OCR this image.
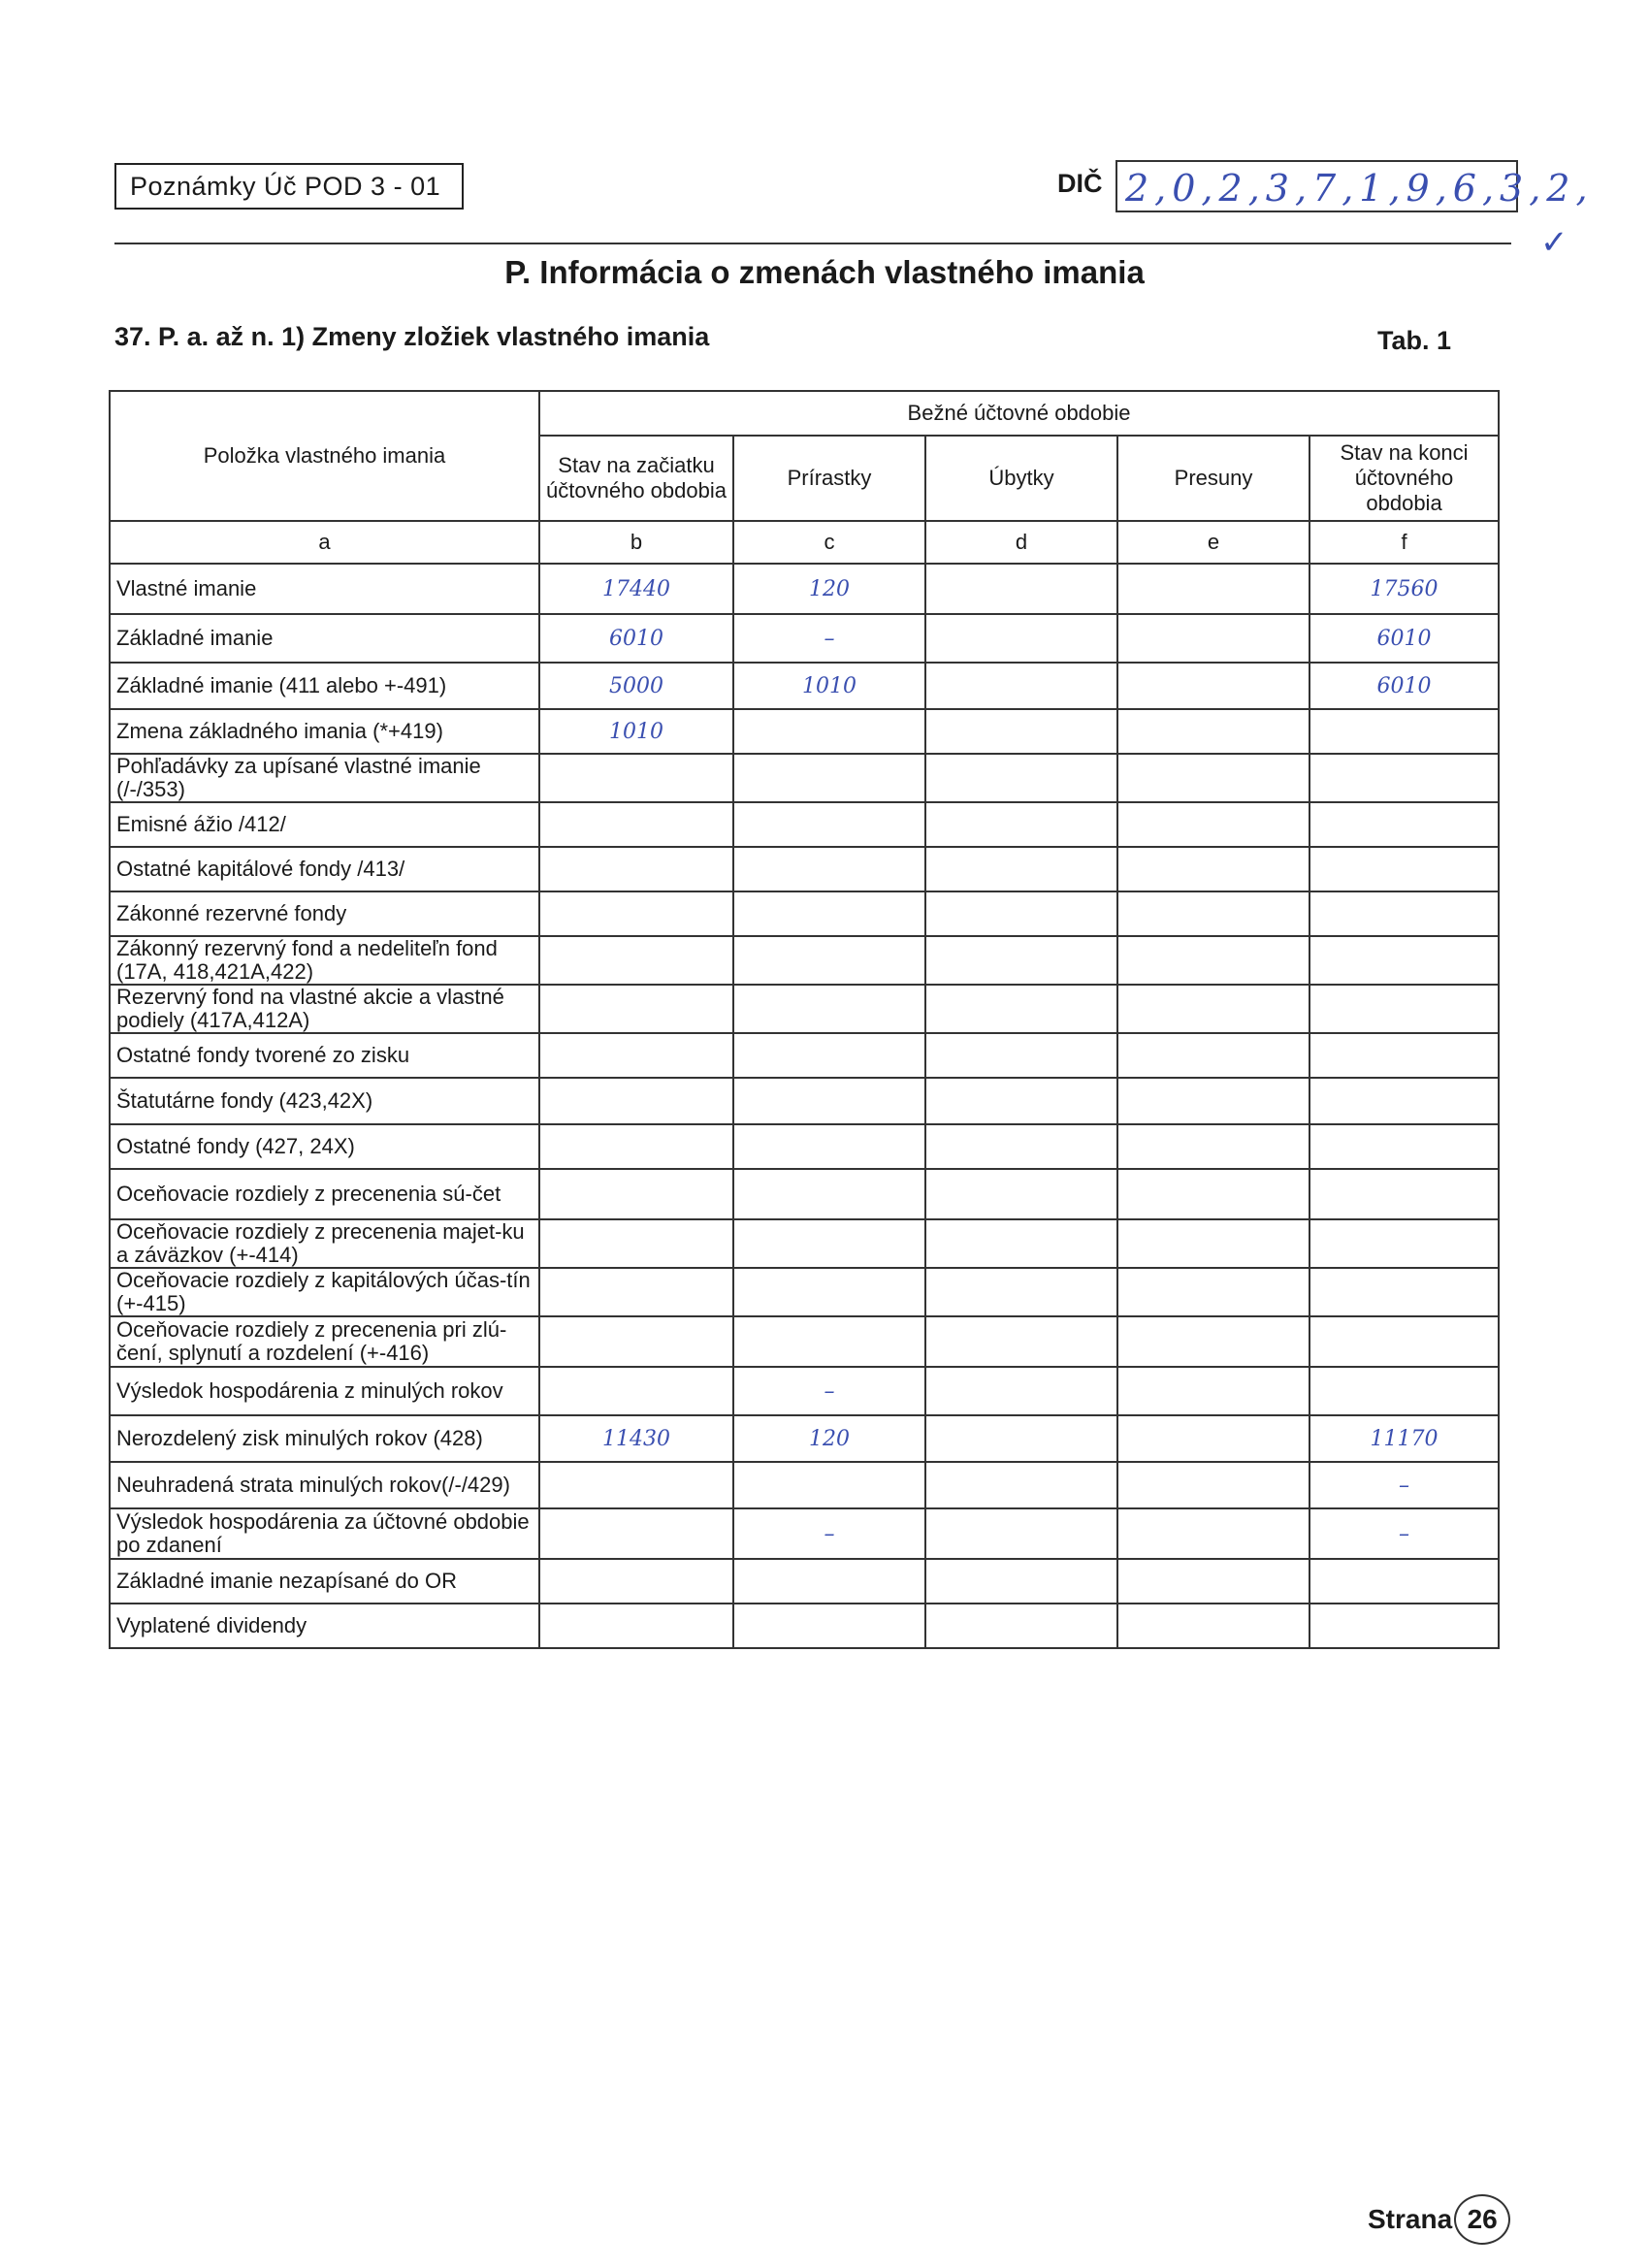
Poznámky Úč POD 3 - 01	DIČ 2,0,2,3,7,1,9,6,3,2,
✓
P. Informácia o zmenách vlastného imania
37. P. a. až n. 1) Zmeny zložiek vlastného imania	Tab. 1
Položka vlastného imania	Bežné účtovné obdobie				
	Stav na začiatku účtovného obdobia	Prírastky	Úbytky	Presuny	Stav na konci účtovného obdobia
a	b	c	d	e	f
Vlastné imanie	17440	120			17560
Základné imanie	6010	–			6010
Základné imanie (411 alebo +-491)	5000	1010			6010
Zmena základného imania (*+419)	1010				
Pohľadávky za upísané vlastné imanie (/-/353)					
Emisné ážio /412/					
Ostatné kapitálové fondy /413/					
Zákonné rezervné fondy					
Zákonný rezervný fond a nedeliteľn fond (17A, 418,421A,422)					
Rezervný fond na vlastné akcie a vlastné podiely (417A,412A)					
Ostatné fondy tvorené zo zisku					
Štatutárne fondy (423,42X)					
Ostatné fondy (427, 24X)					
Oceňovacie rozdiely z precenenia sú-čet					
Oceňovacie rozdiely z precenenia majet-ku a záväzkov (+-414)					
Oceňovacie rozdiely z kapitálových účas-tín (+-415)					
Oceňovacie rozdiely z precenenia pri zlú-čení, splynutí a rozdelení (+-416)					
Výsledok hospodárenia z minulých rokov		–			
Nerozdelený zisk minulých rokov (428)	11430	120			11170
Neuhradená strata minulých rokov(/-/429)					–
Výsledok hospodárenia za účtovné obdobie po zdanení		–			–
Základné imanie nezapísané do OR					
Vyplatené dividendy					
Strana 26
